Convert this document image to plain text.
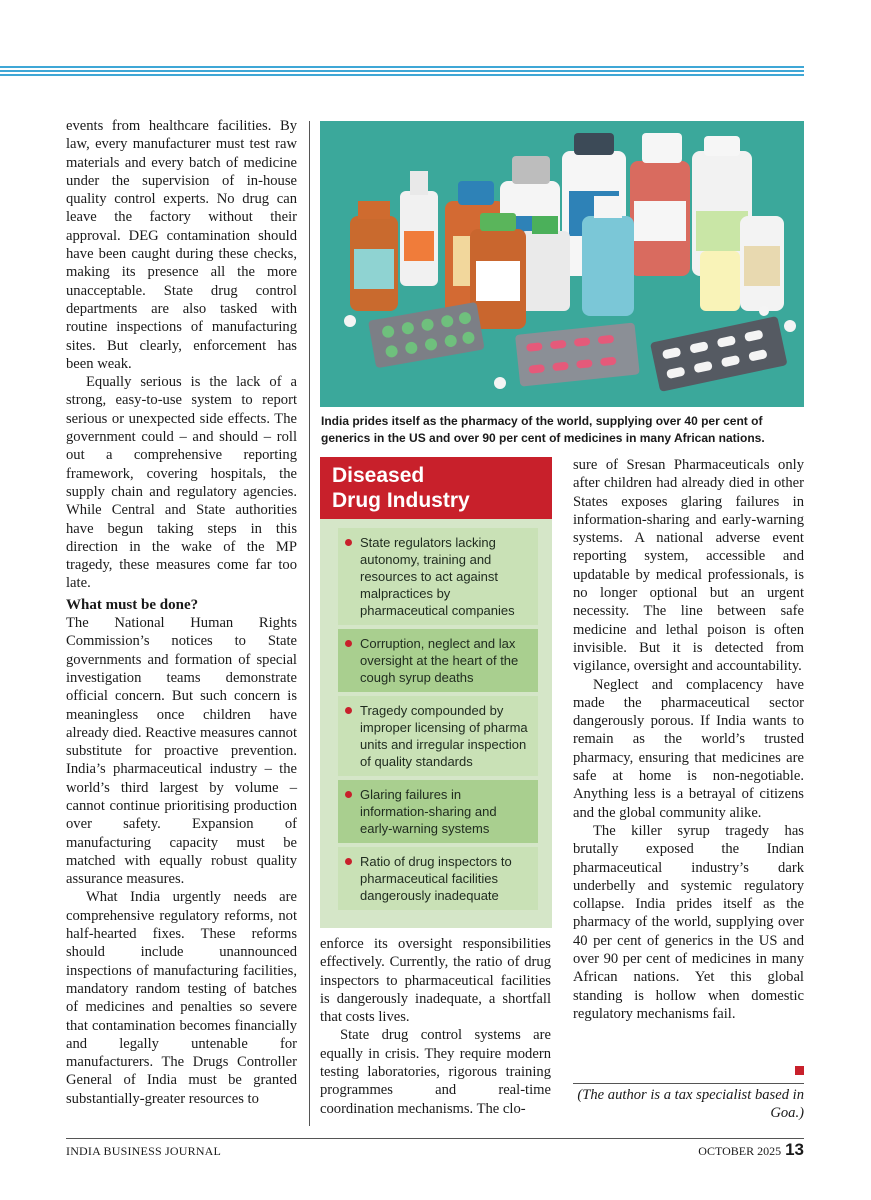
events from healthcare facilities. By law, every manufacturer must test raw materials and every batch of medicine under the supervision of in-house quality control experts. No drug can leave the factory without their approval. DEG contamination should have been caught during these checks, making its presence all the more unacceptable. State drug control departments are also tasked with routine inspections of manufacturing sites. But clearly, enforcement has been weak.

Equally serious is the lack of a strong, easy-to-use system to report serious or unexpected side effects. The government could – and should – roll out a comprehensive reporting framework, covering hospitals, the supply chain and regulatory agencies. While Central and State authorities have begun taking steps in this direction in the wake of the MP tragedy, these measures come far too late.

What must be done?

The National Human Rights Commission’s notices to State governments and formation of special investigation teams demonstrate official concern. But such concern is meaningless once children have already died. Reactive measures cannot substitute for proactive prevention. India’s pharmaceutical industry – the world’s third largest by volume – cannot continue prioritising production over safety. Expansion of manufacturing capacity must be matched with equally robust quality assurance measures.

What India urgently needs are comprehensive regulatory reforms, not half-hearted fixes. These reforms should include unannounced inspections of manufacturing facilities, mandatory random testing of batches of medicines and penalties so severe that contamination becomes financially and legally untenable for manufacturers. The Drugs Controller General of India must be granted substantially-greater resources to

India prides itself as the pharmacy of the world, supplying over 40 per cent of generics in the US and over 90 per cent of medicines in many African nations.
Diseased
Drug Industry
State regulators lacking autonomy, training and resources to act against malpractices by pharmaceutical companies
Corruption, neglect and lax oversight at the heart of the cough syrup deaths
Tragedy compounded by improper licensing of pharma units and irregular inspection of quality standards
Glaring failures in information-sharing and early-warning systems
Ratio of drug inspectors to pharmaceutical facilities dangerously inadequate

enforce its oversight responsibilities effectively. Currently, the ratio of drug inspectors to pharmaceutical facilities is dangerously inadequate, a shortfall that costs lives.

State drug control systems are equally in crisis. They require modern testing laboratories, rigorous training programmes and real-time coordination mechanisms. The clo-

sure of Sresan Pharmaceuticals only after children had already died in other States exposes glaring failures in information-sharing and early-warning systems. A national adverse event reporting system, accessible and updatable by medical professionals, is no longer optional but an urgent necessity. The line between safe medicine and lethal poison is often invisible. But it is detected from vigilance, oversight and accountability.

Neglect and complacency have made the pharmaceutical sector dangerously porous. If India wants to remain as the world’s trusted pharmacy, ensuring that medicines are safe at home is non-negotiable. Anything less is a betrayal of citizens and the global community alike.

The killer syrup tragedy has brutally exposed the Indian pharmaceutical industry’s dark underbelly and systemic regulatory collapse. India prides itself as the pharmacy of the world, supplying over 40 per cent of generics in the US and over 90 per cent of medicines in many African nations. Yet this global standing is hollow when domestic regulatory mechanisms fail.

(The author is a tax specialist based in Goa.)
INDIA BUSINESS JOURNAL	OCTOBER 2025 13
